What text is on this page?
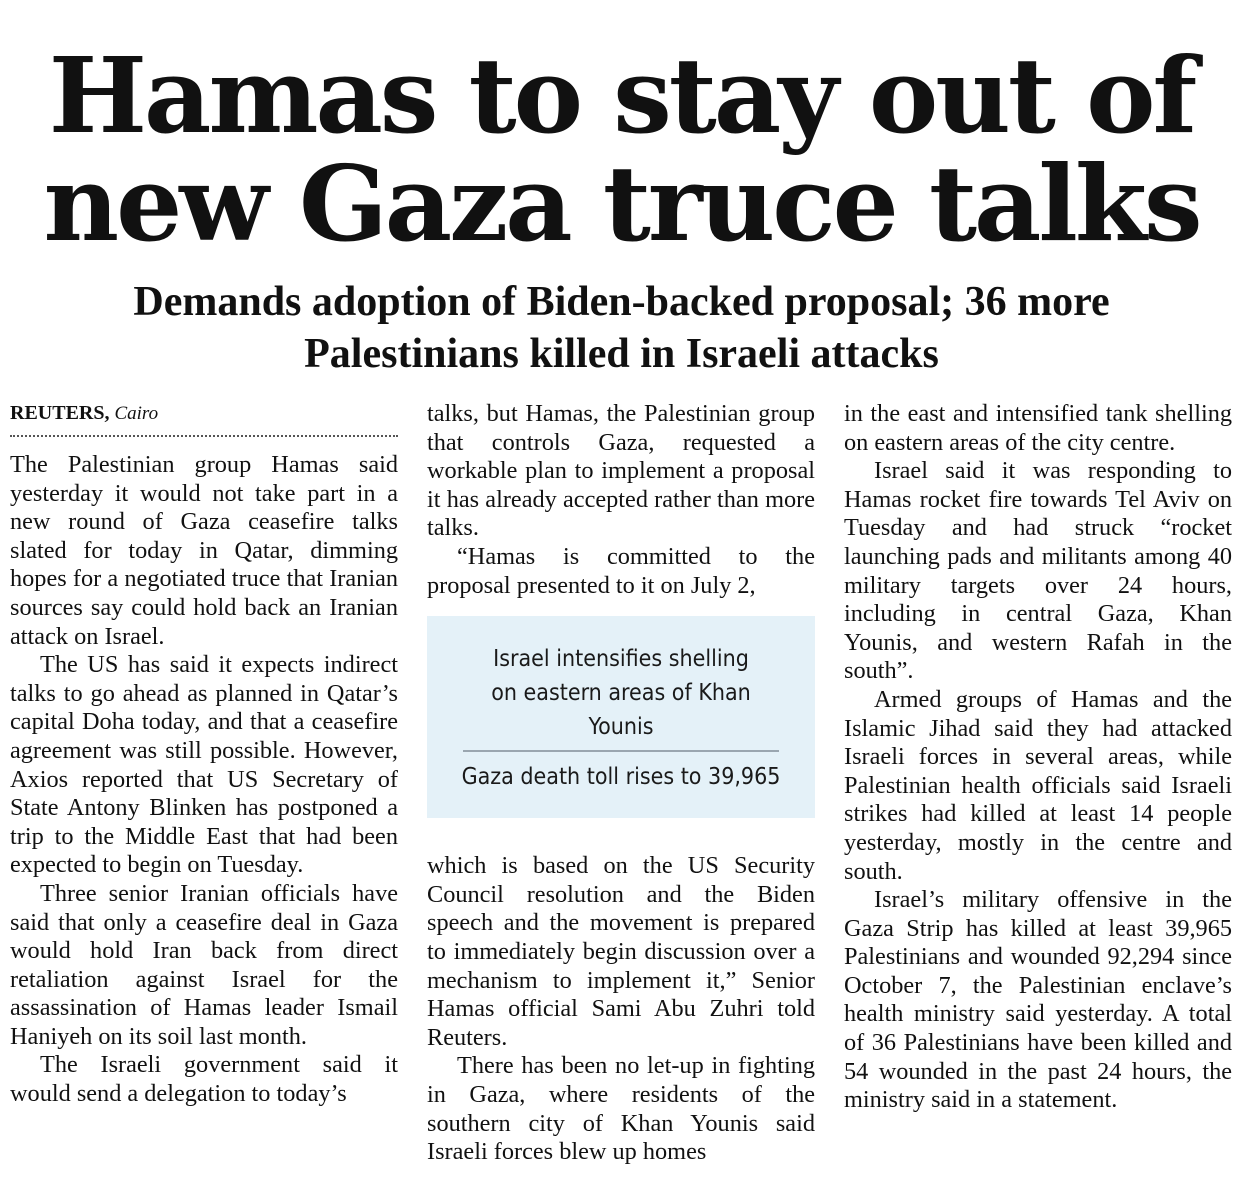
Hamas to stay out of
new Gaza truce talks
Demands adoption of Biden-backed proposal; 36 more
Palestinians killed in Israeli attacks
REUTERS, Cairo

The Palestinian group Hamas said yesterday it would not take part in a new round of Gaza ceasefire talks slated for today in Qatar, dimming hopes for a negotiated truce that Iranian sources say could hold back an Iranian attack on Israel.

The US has said it expects indirect talks to go ahead as planned in Qatar’s capital Doha today, and that a ceasefire agreement was still possible. However, Axios reported that US Secretary of State Antony Blinken has postponed a trip to the Middle East that had been expected to begin on Tuesday.

Three senior Iranian officials have said that only a ceasefire deal in Gaza would hold Iran back from direct retaliation against Israel for the assassination of Hamas leader Ismail Haniyeh on its soil last month.

The Israeli government said it would send a delegation to today’s

talks, but Hamas, the Palestinian group that controls Gaza, requested a workable plan to implement a proposal it has already accepted rather than more talks.

“Hamas is committed to the proposal presented to it on July 2,

Israel intensifies shelling on eastern areas of Khan Younis
Gaza death toll rises to 39,965

which is based on the US Security Council resolution and the Biden speech and the movement is prepared to immediately begin discussion over a mechanism to implement it,” Senior Hamas official Sami Abu Zuhri told Reuters.

There has been no let-up in fighting in Gaza, where residents of the southern city of Khan Younis said Israeli forces blew up homes

in the east and intensified tank shelling on eastern areas of the city centre.

Israel said it was responding to Hamas rocket fire towards Tel Aviv on Tuesday and had struck “rocket launching pads and militants among 40 military targets over 24 hours, including in central Gaza, Khan Younis, and western Rafah in the south”.

Armed groups of Hamas and the Islamic Jihad said they had attacked Israeli forces in several areas, while Palestinian health officials said Israeli strikes had killed at least 14 people yesterday, mostly in the centre and south.

Israel’s military offensive in the Gaza Strip has killed at least 39,965 Palestinians and wounded 92,294 since October 7, the Palestinian enclave’s health ministry said yesterday. A total of 36 Palestinians have been killed and 54 wounded in the past 24 hours, the ministry said in a statement.
